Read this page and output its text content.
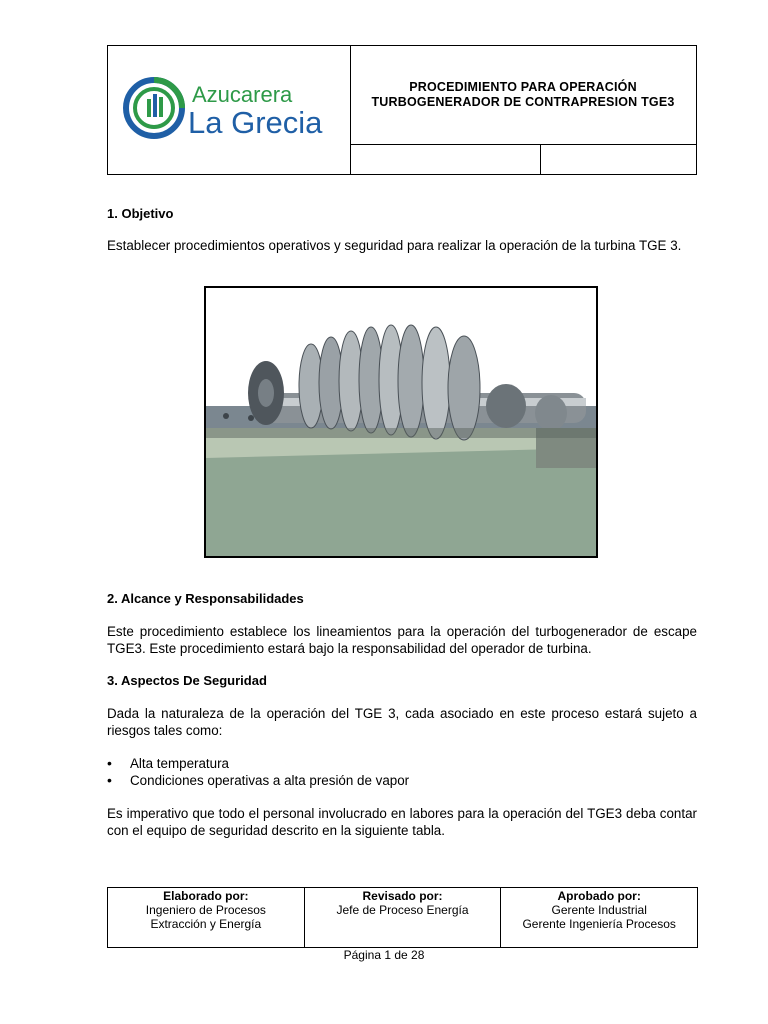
Azucarera
La Grecia
PROCEDIMIENTO PARA OPERACIÓN
TURBOGENERADOR DE CONTRAPRESION TGE3
1. Objetivo
Establecer procedimientos operativos y seguridad para realizar la operación de la turbina TGE 3.
2. Alcance y Responsabilidades
Este procedimiento establece los lineamientos para la operación del turbogenerador de escape TGE3. Este procedimiento estará bajo la responsabilidad del operador de turbina.
3. Aspectos De Seguridad
Dada la naturaleza de la operación del TGE 3, cada asociado en este proceso estará sujeto a riesgos tales como:
• Alta temperatura
• Condiciones operativas a alta presión de vapor
Es imperativo que todo el personal involucrado en labores para la operación del TGE3 deba contar con el equipo de seguridad descrito en la siguiente tabla.
Elaborado por:
Ingeniero de Procesos
Extracción y Energía
Revisado por:
Jefe de Proceso Energía
Aprobado por:
Gerente Industrial
Gerente Ingeniería Procesos
Página 1 de 28
